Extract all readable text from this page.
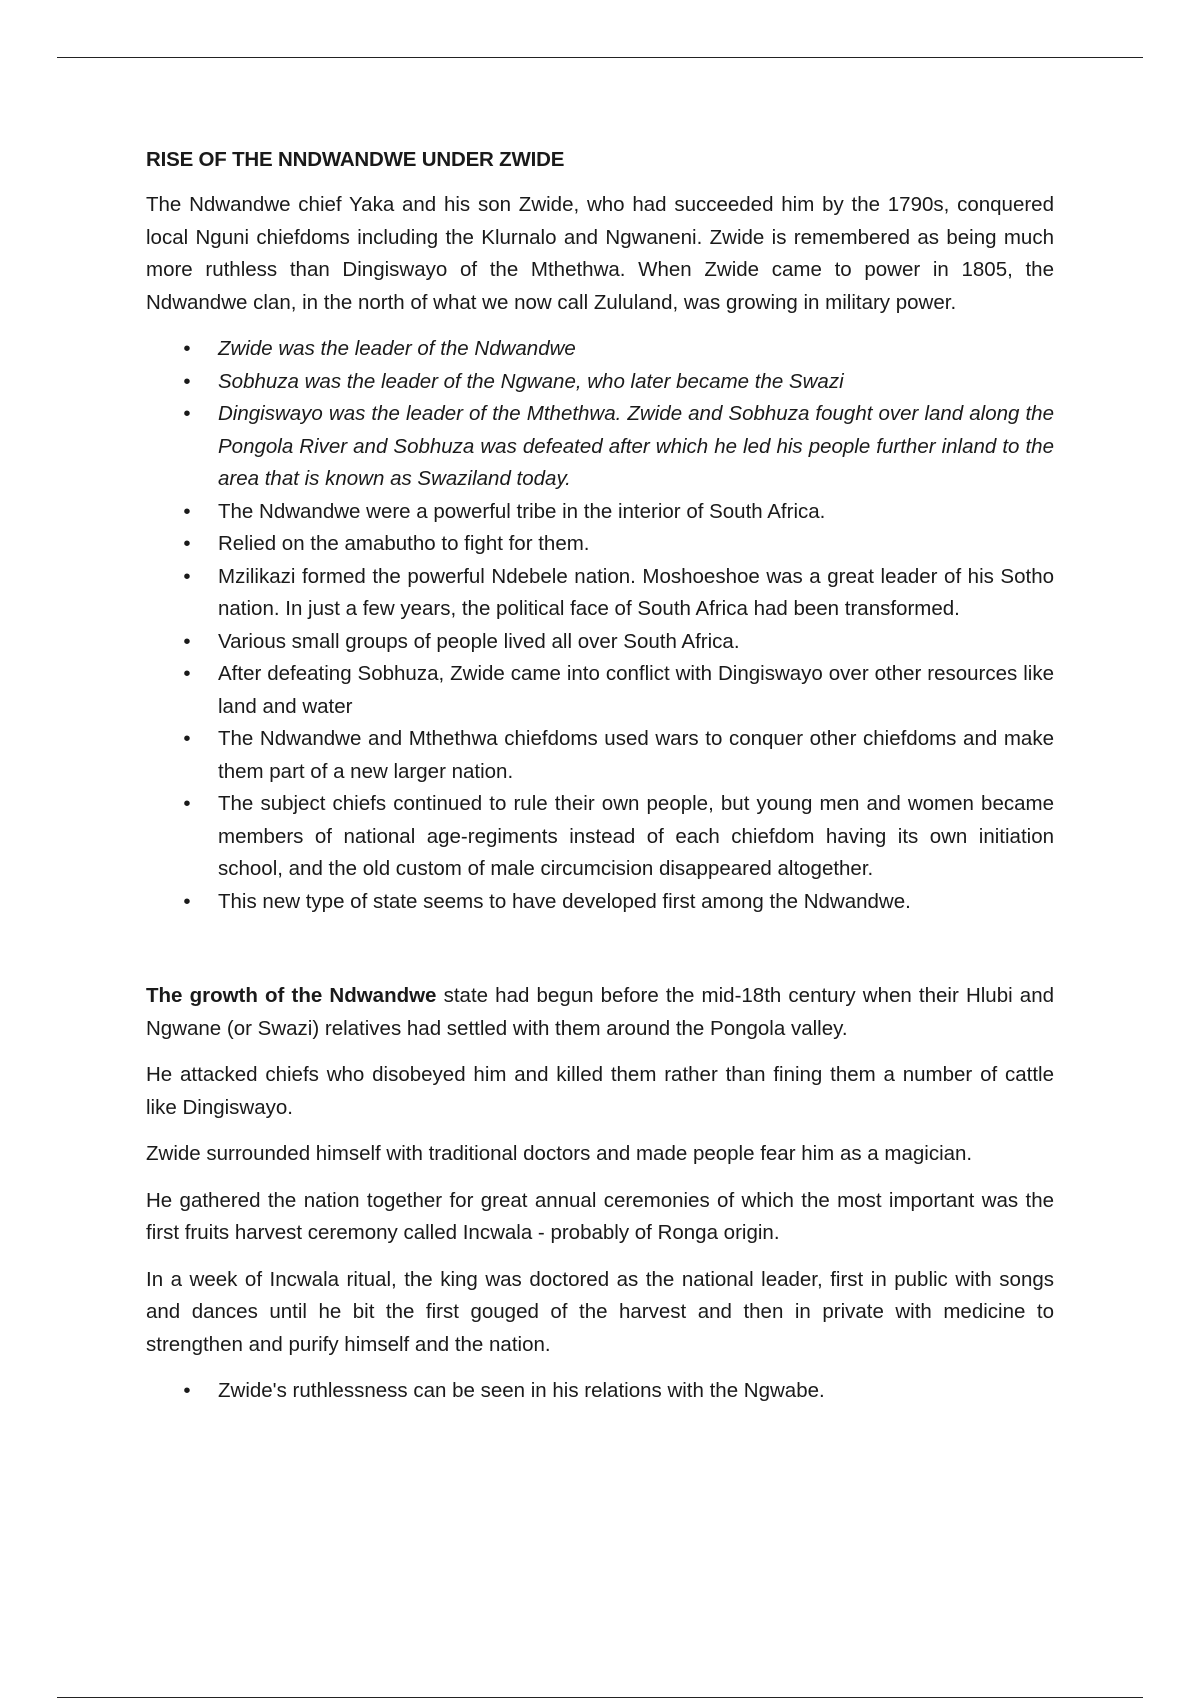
RISE OF THE NNDWANDWE UNDER ZWIDE

The Ndwandwe chief Yaka and his son Zwide, who had succeeded him by the 1790s, conquered local Nguni chiefdoms including the Klurnalo and Ngwaneni. Zwide is remembered as being much more ruthless than Dingiswayo of the Mthethwa. When Zwide came to power in 1805, the Ndwandwe clan, in the north of what we now call Zululand, was growing in military power.

• Zwide was the leader of the Ndwandwe
• Sobhuza was the leader of the Ngwane, who later became the Swazi
• Dingiswayo was the leader of the Mthethwa. Zwide and Sobhuza fought over land along the Pongola River and Sobhuza was defeated after which he led his people further inland to the area that is known as Swaziland today.
• The Ndwandwe were a powerful tribe in the interior of South Africa.
• Relied on the amabutho to fight for them.
• Mzilikazi formed the powerful Ndebele nation. Moshoeshoe was a great leader of his Sotho nation. In just a few years, the political face of South Africa had been transformed.
• Various small groups of people lived all over South Africa.
• After defeating Sobhuza, Zwide came into conflict with Dingiswayo over other resources like land and water
• The Ndwandwe and Mthethwa chiefdoms used wars to conquer other chiefdoms and make them part of a new larger nation.
• The subject chiefs continued to rule their own people, but young men and women became members of national age-regiments instead of each chiefdom having its own initiation school, and the old custom of male circumcision disappeared altogether.
• This new type of state seems to have developed first among the Ndwandwe.

The growth of the Ndwandwe state had begun before the mid-18th century when their Hlubi and Ngwane (or Swazi) relatives had settled with them around the Pongola valley.

He attacked chiefs who disobeyed him and killed them rather than fining them a number of cattle like Dingiswayo.

Zwide surrounded himself with traditional doctors and made people fear him as a magician.

He gathered the nation together for great annual ceremonies of which the most important was the first fruits harvest ceremony called Incwala - probably of Ronga origin.

In a week of Incwala ritual, the king was doctored as the national leader, first in public with songs and dances until he bit the first gouged of the harvest and then in private with medicine to strengthen and purify himself and the nation.

• Zwide's ruthlessness can be seen in his relations with the Ngwabe.
